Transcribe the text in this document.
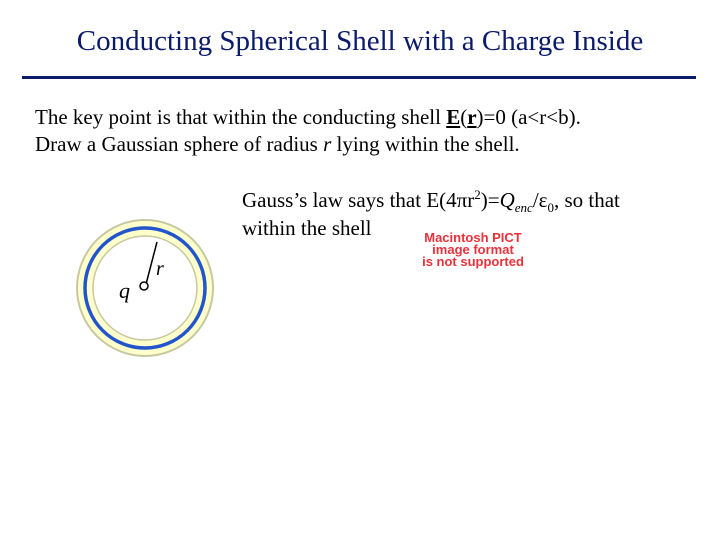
Conducting Spherical Shell with a Charge Inside
The key point is that within the conducting shell E(r)=0 (a<r<b).
Draw a Gaussian sphere of radius r lying within the shell.
Gauss’s law says that $E(4\pi r^2)=Q_{enc}/\varepsilon_0$, so that
within the shell	Macintosh PICT
image format
is not supported
q
r
